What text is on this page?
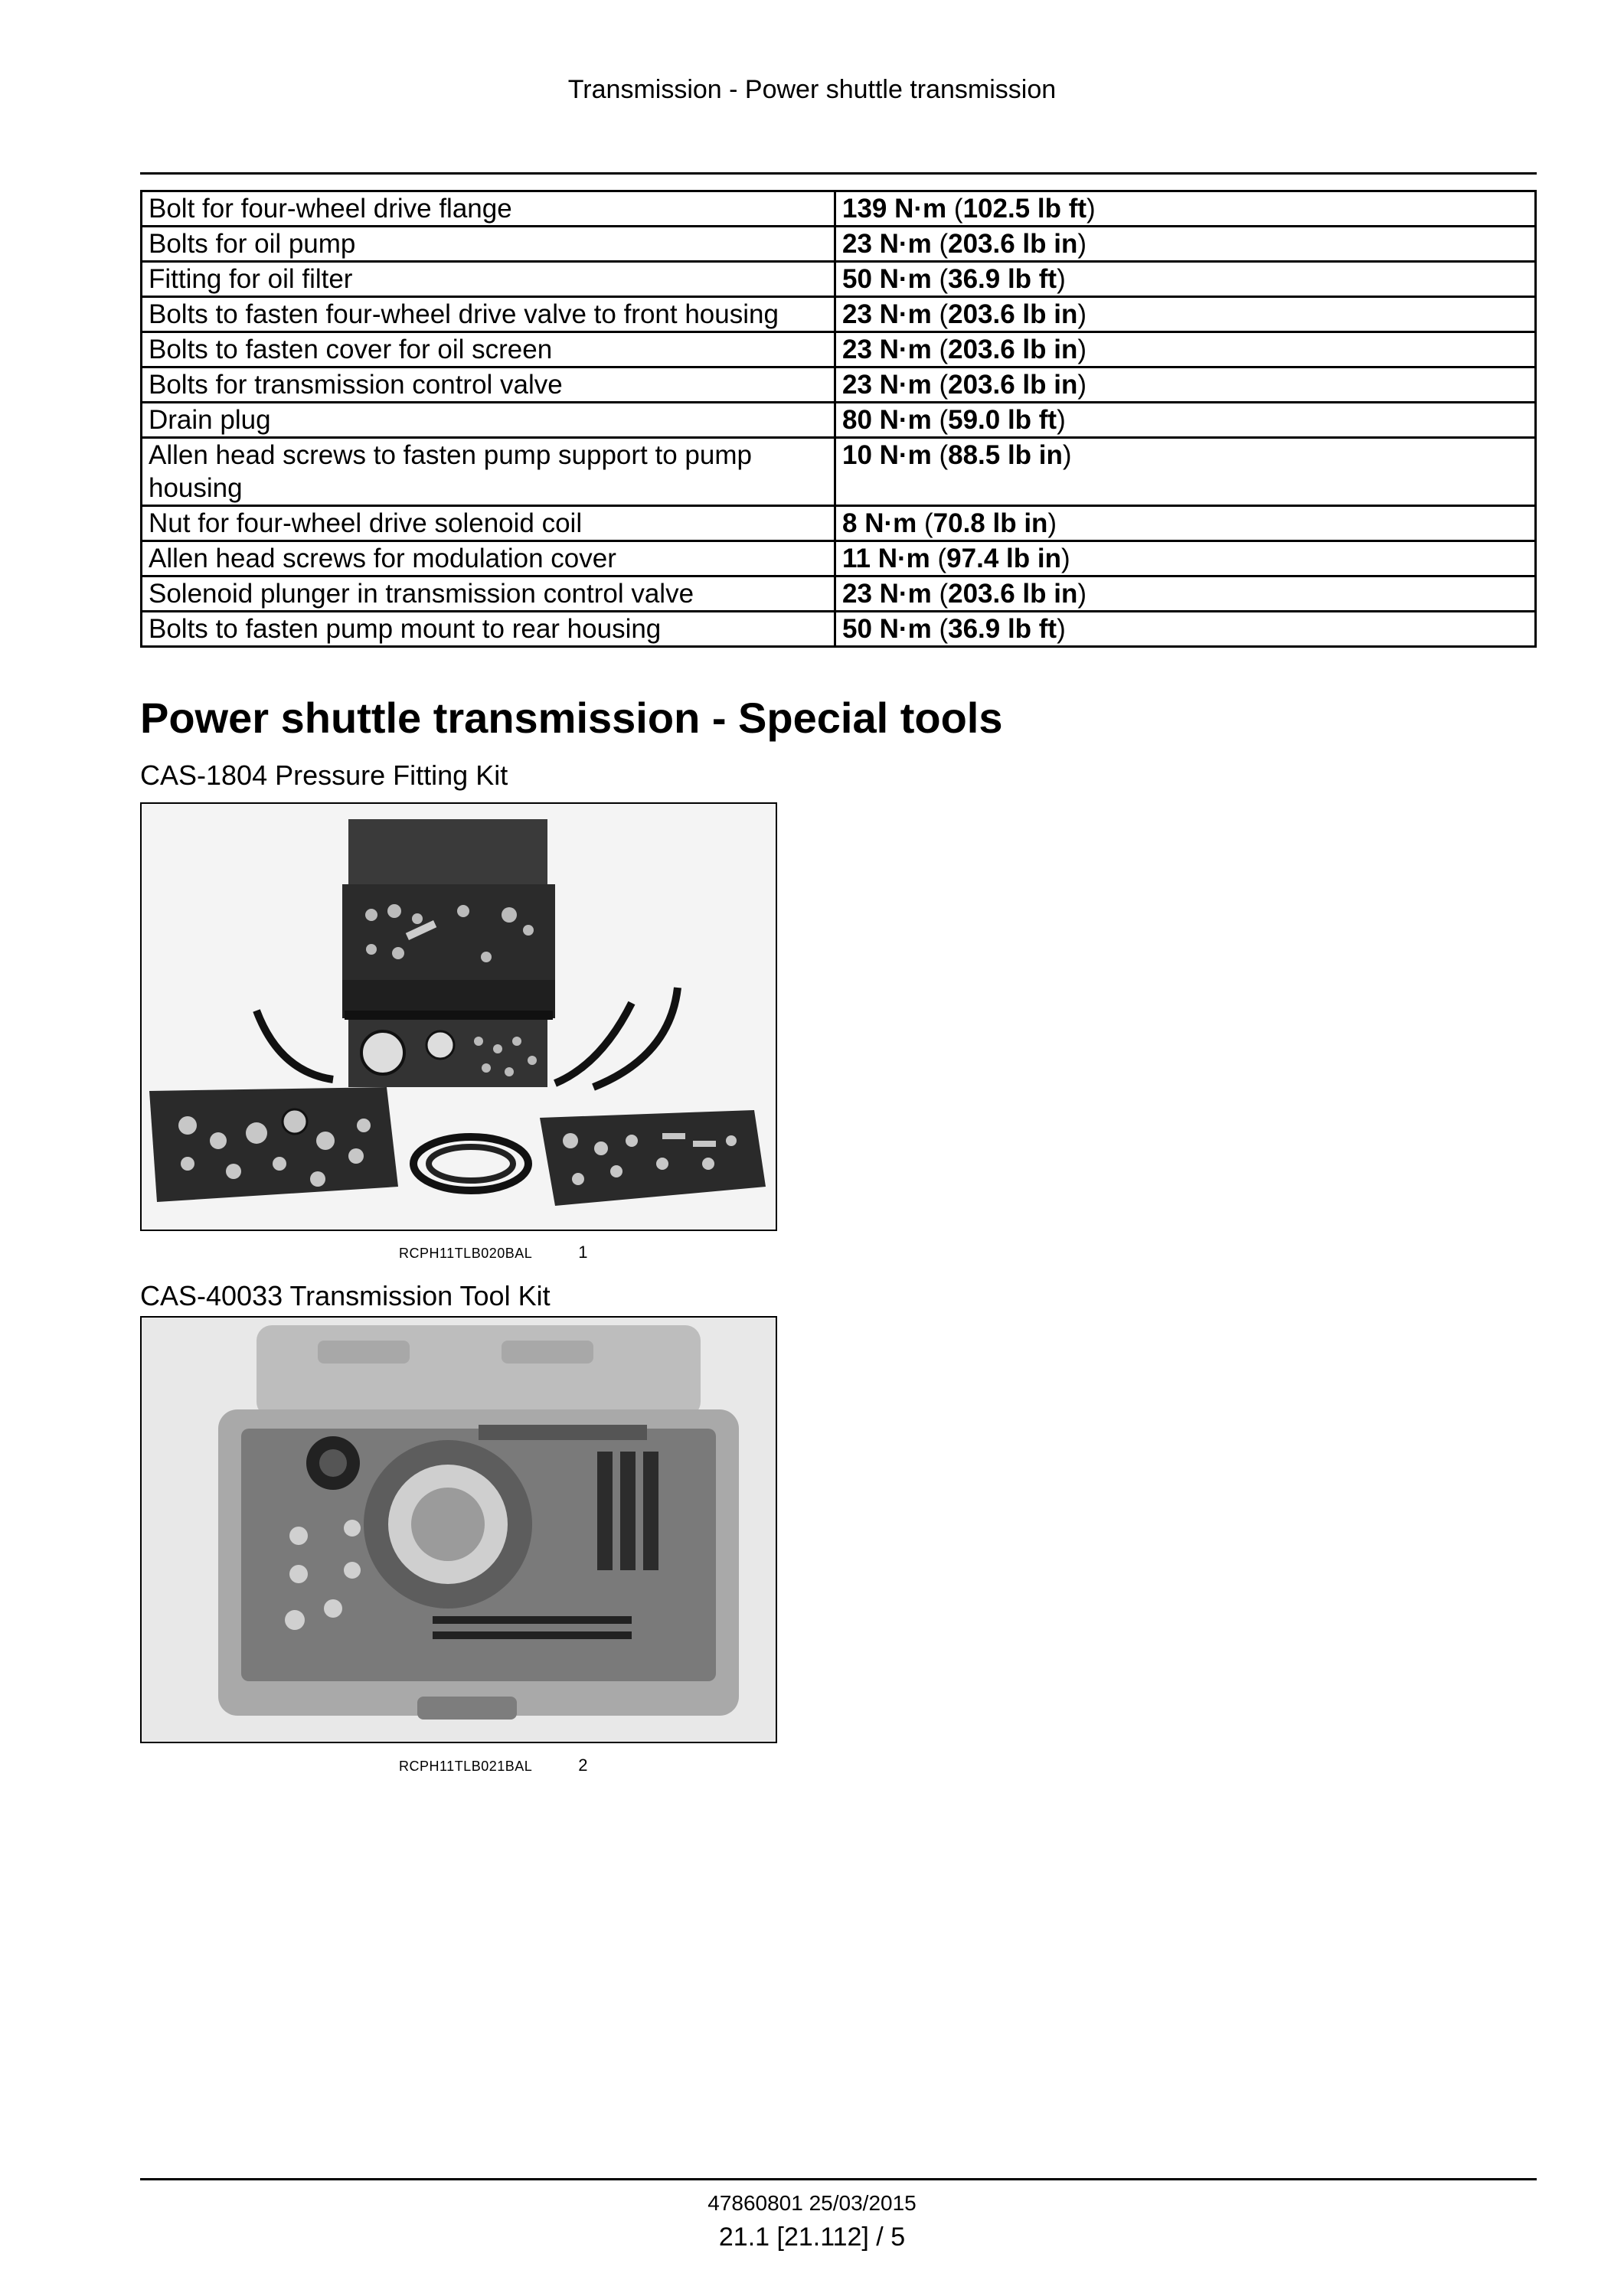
Transmission - Power shuttle transmission
Bolt for four-wheel drive flange	139 N·m (102.5 lb ft)
Bolts for oil pump	23 N·m (203.6 lb in)
Fitting for oil filter	50 N·m (36.9 lb ft)
Bolts to fasten four-wheel drive valve to front housing	23 N·m (203.6 lb in)
Bolts to fasten cover for oil screen	23 N·m (203.6 lb in)
Bolts for transmission control valve	23 N·m (203.6 lb in)
Drain plug	80 N·m (59.0 lb ft)
Allen head screws to fasten pump support to pump housing	10 N·m (88.5 lb in)
Nut for four-wheel drive solenoid coil	8 N·m (70.8 lb in)
Allen head screws for modulation cover	11 N·m (97.4 lb in)
Solenoid plunger in transmission control valve	23 N·m (203.6 lb in)
Bolts to fasten pump mount to rear housing	50 N·m (36.9 lb ft)
Power shuttle transmission - Special tools
CAS-1804 Pressure Fitting Kit
RCPH11TLB020BAL	1
CAS-40033 Transmission Tool Kit
RCPH11TLB021BAL	2
47860801 25/03/2015
21.1 [21.112] / 5
